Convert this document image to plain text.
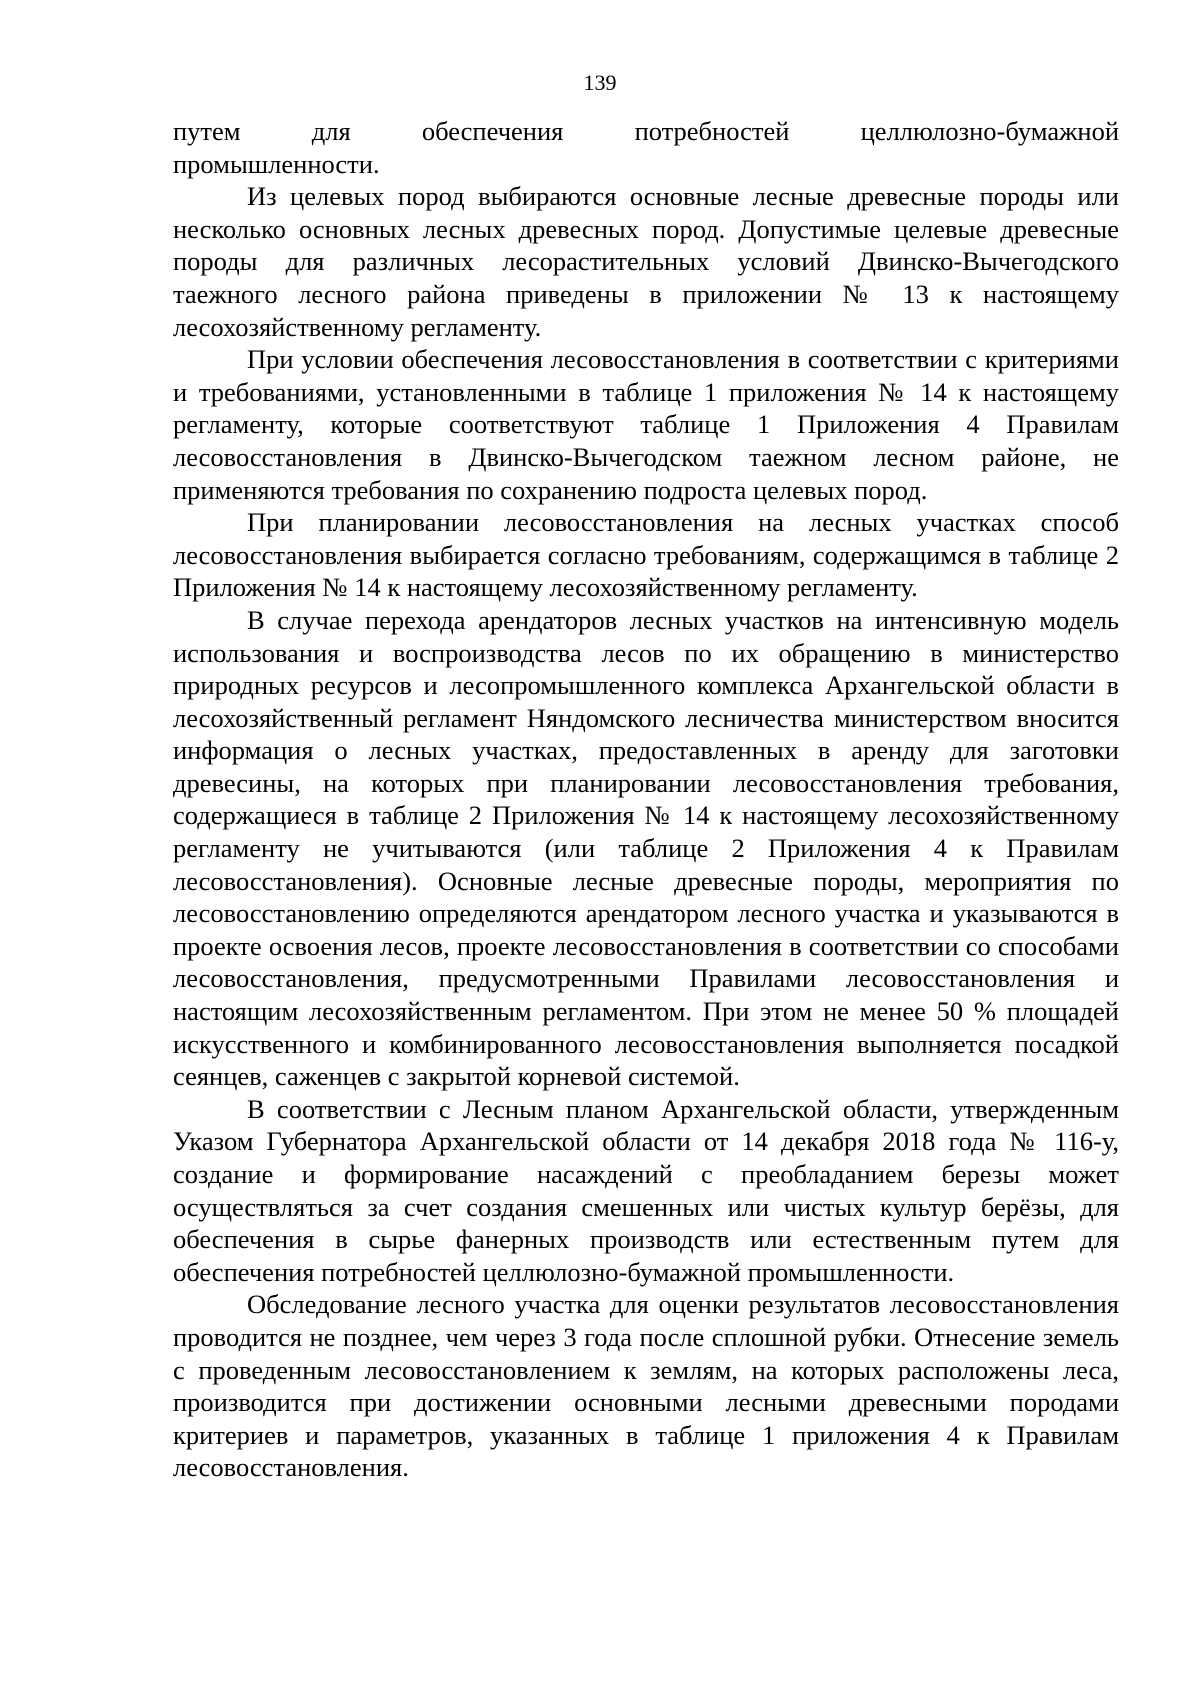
139
путем	для	обеспечения	потребностей	целлюлозно-бумажной

промышленности.

Из целевых пород выбираются основные лесные древесные породы или несколько основных лесных древесных пород. Допустимые целевые древесные породы для различных лесорастительных условий Двинско-Вычегодского таежного лесного района приведены в приложении № 13 к настоящему лесохозяйственному регламенту.

При условии обеспечения лесовосстановления в соответствии с критериями и требованиями, установленными в таблице 1 приложения № 14 к настоящему регламенту, которые соответствуют таблице 1 Приложения 4 Правилам лесовосстановления в Двинско-Вычегодском таежном лесном районе, не применяются требования по сохранению подроста целевых пород.

При планировании лесовосстановления на лесных участках способ лесовосстановления выбирается согласно требованиям, содержащимся в таблице 2 Приложения № 14 к настоящему лесохозяйственному регламенту.

В случае перехода арендаторов лесных участков на интенсивную модель использования и воспроизводства лесов по их обращению в министерство природных ресурсов и лесопромышленного комплекса Архангельской области в лесохозяйственный регламент Няндомского лесничества министерством вносится информация о лесных участках, предоставленных в аренду для заготовки древесины, на которых при планировании лесовосстановления требования, содержащиеся в таблице 2 Приложения № 14 к настоящему лесохозяйственному регламенту не учитываются (или таблице 2 Приложения 4 к Правилам лесовосстановления). Основные лесные древесные породы, мероприятия по лесовосстановлению определяются арендатором лесного участка и указываются в проекте освоения лесов, проекте лесовосстановления в соответствии со способами лесовосстановления, предусмотренными Правилами лесовосстановления и настоящим лесохозяйственным регламентом. При этом не менее 50 % площадей искусственного и комбинированного лесовосстановления выполняется посадкой сеянцев, саженцев с закрытой корневой системой.

В соответствии с Лесным планом Архангельской области, утвержденным Указом Губернатора Архангельской области от 14 декабря 2018 года № 116-у, создание и формирование насаждений с преобладанием березы может осуществляться за счет создания смешенных или чистых культур берёзы, для обеспечения в сырье фанерных производств или естественным путем для обеспечения потребностей целлюлозно-бумажной промышленности.

Обследование лесного участка для оценки результатов лесовосстановления проводится не позднее, чем через 3 года после сплошной рубки. Отнесение земель с проведенным лесовосстановлением к землям, на которых расположены леса, производится при достижении основными лесными древесными породами критериев и параметров, указанных в таблице 1 приложения 4 к Правилам лесовосстановления.
